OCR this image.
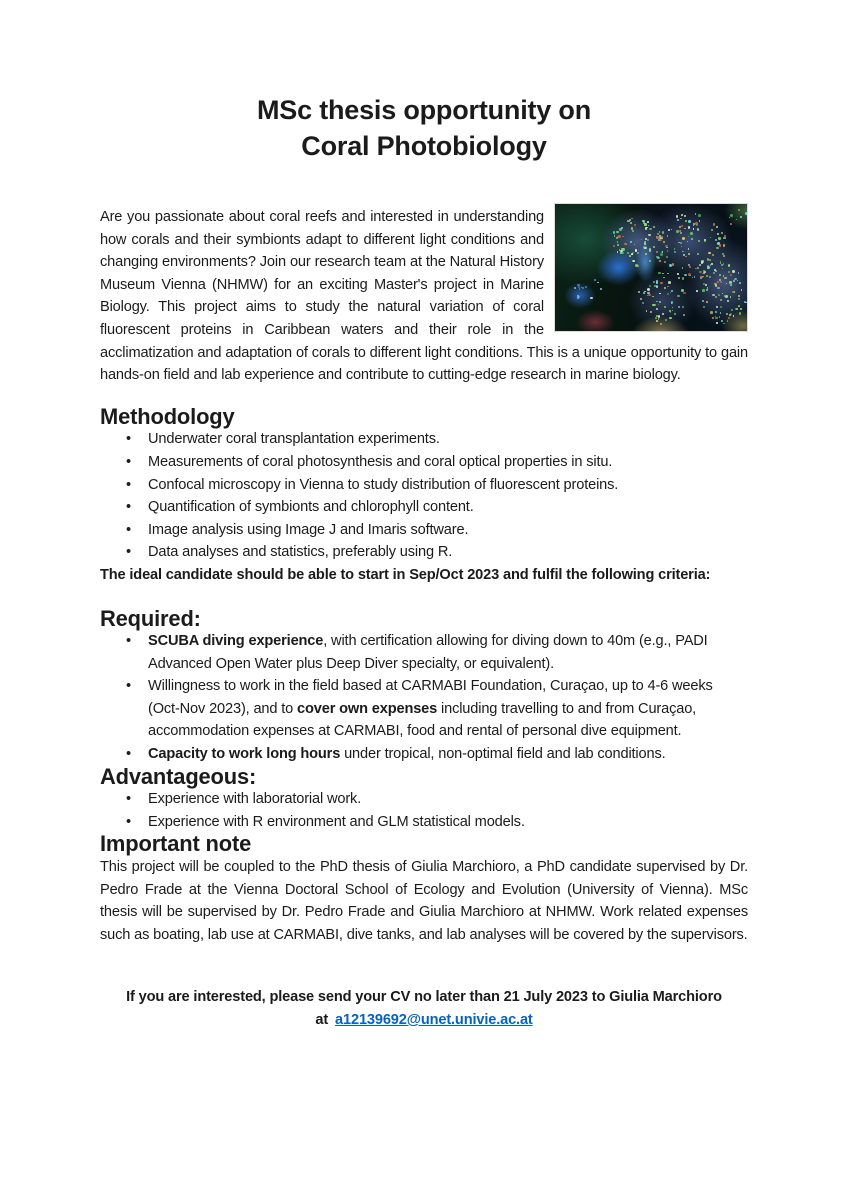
MSc thesis opportunity on
Coral Photobiology

Are you passionate about coral reefs and interested in understanding how corals and their symbionts adapt to different light conditions and changing environments? Join our research team at the Natural History Museum Vienna (NHMW) for an exciting Master's project in Marine Biology. This project aims to study the natural variation of coral fluorescent proteins in Caribbean waters and their role in the acclimatization and adaptation of corals to different light conditions. This is a unique opportunity to gain hands-on field and lab experience and contribute to cutting-edge research in marine biology.

Methodology
• Underwater coral transplantation experiments.
• Measurements of coral photosynthesis and coral optical properties in situ.
• Confocal microscopy in Vienna to study distribution of fluorescent proteins.
• Quantification of symbionts and chlorophyll content.
• Image analysis using Image J and Imaris software.
• Data analyses and statistics, preferably using R.

The ideal candidate should be able to start in Sep/Oct 2023 and fulfil the following criteria:

Required:
• SCUBA diving experience, with certification allowing for diving down to 40m (e.g., PADI Advanced Open Water plus Deep Diver specialty, or equivalent).
• Willingness to work in the field based at CARMABI Foundation, Curaçao, up to 4-6 weeks (Oct-Nov 2023), and to cover own expenses including travelling to and from Curaçao, accommodation expenses at CARMABI, food and rental of personal dive equipment.
• Capacity to work long hours under tropical, non-optimal field and lab conditions.
Advantageous:
• Experience with laboratorial work.
• Experience with R environment and GLM statistical models.
Important note

This project will be coupled to the PhD thesis of Giulia Marchioro, a PhD candidate supervised by Dr. Pedro Frade at the Vienna Doctoral School of Ecology and Evolution (University of Vienna). MSc thesis will be supervised by Dr. Pedro Frade and Giulia Marchioro at NHMW. Work related expenses such as boating, lab use at CARMABI, dive tanks, and lab analyses will be covered by the supervisors.

If you are interested, please send your CV no later than 21 July 2023 to Giulia Marchioro
at a12139692@unet.univie.ac.at
